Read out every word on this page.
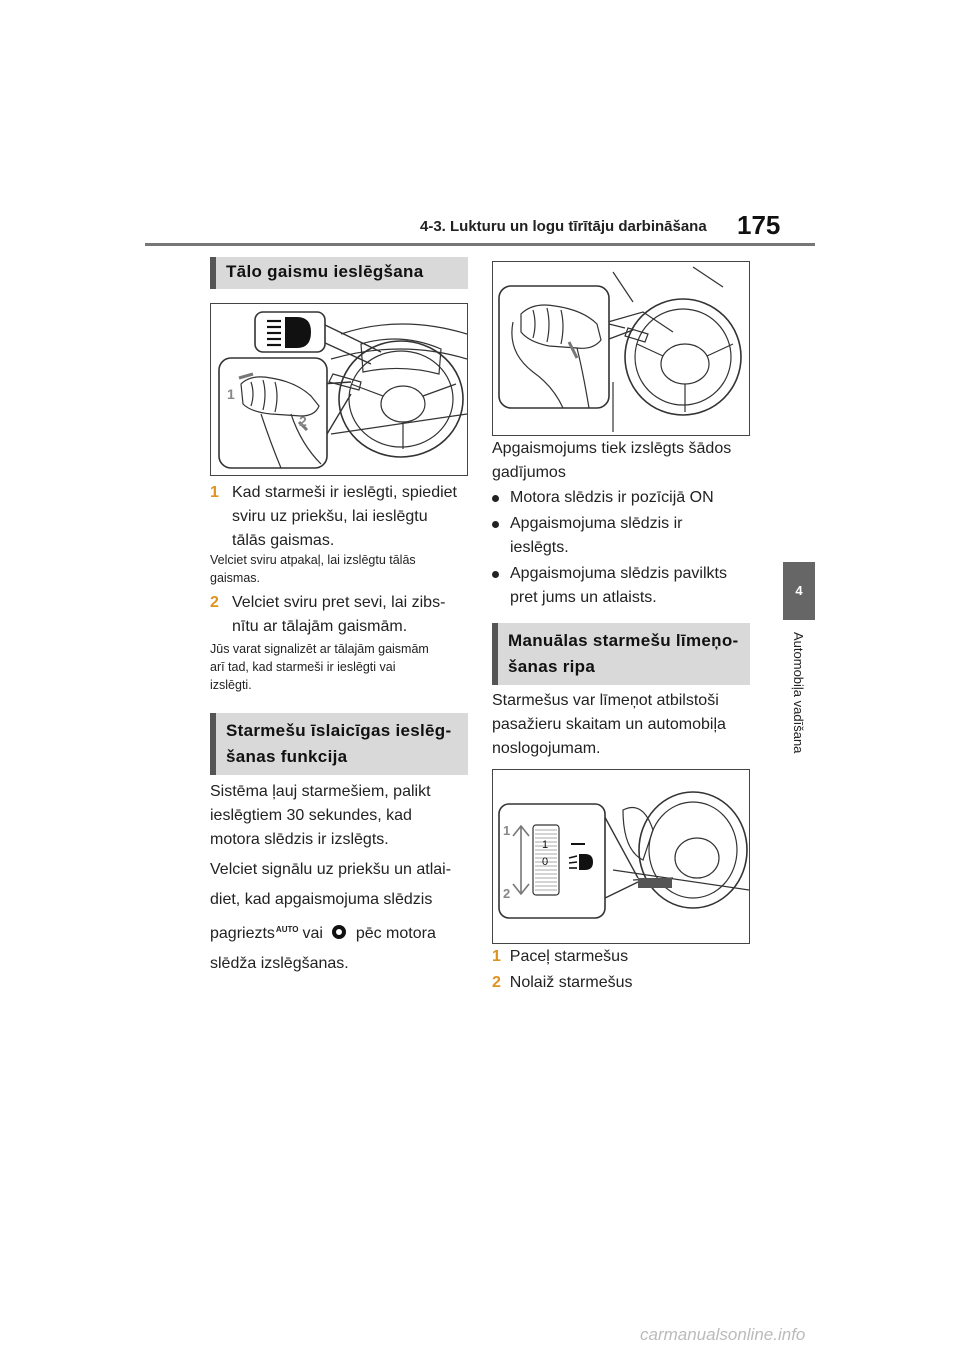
4-3. Lukturu un logu tīrītāju darbināšana 175
4
Automobiļa vadīšana
Tālo gaismu ieslēgšana
1
2
1 Kad starmeši ir ieslēgti, spiediet
sviru uz priekšu, lai ieslēgtu
tālās gaismas.
Velciet sviru atpakaļ, lai izslēgtu tālās
gaismas.
2 Velciet sviru pret sevi, lai zibs-
nītu ar tālajām gaismām.
Jūs varat signalizēt ar tālajām gaismām
arī tad, kad starmeši ir ieslēgti vai
izslēgti.
Starmešu īslaicīgas ieslēg-
šanas funkcija
Sistēma ļauj starmešiem, palikt
ieslēgtiem 30 sekundes, kad
motora slēdzis ir izslēgts.
Velciet signālu uz priekšu un atlai-
diet, kad apgaismojuma slēdzis
pagriezts$^{AUTO}$ vai pēc motora
slēdža izslēgšanas.
Apgaismojums tiek izslēgts šādos
gadījumos
Motora slēdzis ir pozīcijā ON
Apgaismojuma slēdzis ir
ieslēgts.
Apgaismojuma slēdzis pavilkts
pret jums un atlaists.
Manuālas starmešu līmeņo-
šanas ripa
Starmešus var līmeņot atbilstoši
pasažieru skaitam un automobiļa
noslogojumam.
1
0
1
2
1 Paceļ starmešus
2 Nolaiž starmešus
carmanualsonline.info
